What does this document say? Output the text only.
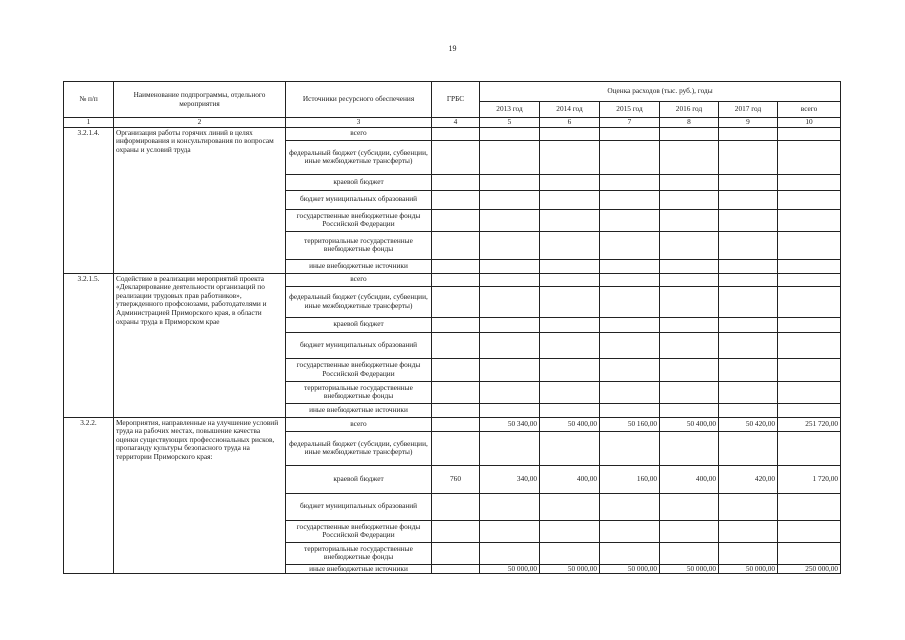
19
№ п/п	Наименование подпрограммы, отдельного мероприятия	Источники ресурсного обеспечения	ГРБС	Оценка расходов (тыс. руб.), годы					
				2013 год	2014 год	2015 год	2016 год	2017 год	всего
1	2	3	4	5	6	7	8	9	10
3.2.1.4.	Организация работы горячих линий в целях информирования и консультирования по вопросам охраны и условий труда	всего							
		федеральный бюджет (субсидии, субвенции, иные межбюджетные трансферты)							
		краевой бюджет							
		бюджет муниципальных образований							
		государственные внебюджетные фонды Российской Федерации							
		территориальные государственные внебюджетные фонды							
		иные внебюджетные источники							
3.2.1.5.	Содействие в реализации мероприятий проекта «Декларирование деятельности организаций по реализации трудовых прав работников», утвержденного профсоюзами, работодателями и Администрацией Приморского края, в области охраны труда в Приморском крае	всего							
		федеральный бюджет (субсидии, субвенции, иные межбюджетные трансферты)							
		краевой бюджет							
		бюджет муниципальных образований							
		государственные внебюджетные фонды Российской Федерации							
		территориальные государственные внебюджетные фонды							
		иные внебюджетные источники							
3.2.2.	Мероприятия, направленные на улучшение условий труда на рабочих местах, повышение качества оценки существующих профессиональных рисков, пропаганду культуры безопасного труда на территории Приморского края:	всего		50 340,00	50 400,00	50 160,00	50 400,00	50 420,00	251 720,00
		федеральный бюджет (субсидии, субвенции, иные межбюджетные трансферты)							
		краевой бюджет	760	340,00	400,00	160,00	400,00	420,00	1 720,00
		бюджет муниципальных образований							
		государственные внебюджетные фонды Российской Федерации							
		территориальные государственные внебюджетные фонды							
		иные внебюджетные источники		50 000,00	50 000,00	50 000,00	50 000,00	50 000,00	250 000,00
